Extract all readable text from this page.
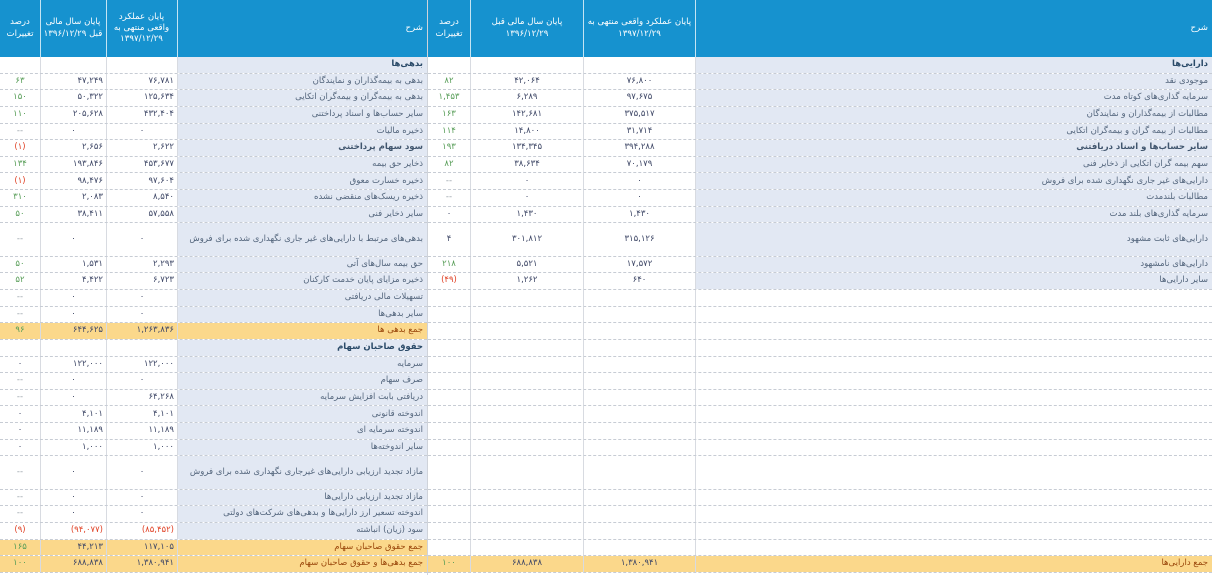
درصد تغییرات
پایان سال مالی قبل ۱۳۹۶/۱۲/۲۹
پایان عملکرد واقعی منتهی به ۱۳۹۷/۱۲/۲۹
شرح
بدهی‌ها
۶۳	۴۷,۲۴۹	۷۶,۷۸۱	بدهی به بیمه‌گذاران و نمایندگان
۱۵۰	۵۰,۳۲۲	۱۲۵,۶۳۴	بدهی به بیمه‌گران و بیمه‌گران اتکایی
۱۱۰	۲۰۵,۶۲۸	۴۳۲,۴۰۴	سایر حساب‌ها و اسناد پرداختنی
--	۰	۰	ذخیره مالیات
(۱)	۲,۶۵۶	۲,۶۲۲	سود سهام پرداختنی
۱۳۴	۱۹۳,۸۴۶	۴۵۳,۶۷۷	ذخایر حق بیمه
(۱)	۹۸,۴۷۶	۹۷,۶۰۴	ذخیره خسارت معوق
۳۱۰	۲,۰۸۳	۸,۵۴۰	ذخیره ریسک‌های منقضی نشده
۵۰	۳۸,۴۱۱	۵۷,۵۵۸	سایر ذخایر فنی
--	۰	۰	بدهی‌های مرتبط با دارایی‌های غیر جاری نگهداری شده برای فروش
۵۰	۱,۵۳۱	۲,۲۹۳	حق بیمه سال‌های آتی
۵۲	۴,۴۲۲	۶,۷۲۳	ذخیره مزایای پایان خدمت کارکنان
--	۰	۰	تسهیلات مالی دریافتی
--	۰	۰	سایر بدهی‌ها
۹۶	۶۴۴,۶۲۵	۱,۲۶۳,۸۳۶	جمع بدهی ها
حقوق صاحبان سهام
۰	۱۲۲,۰۰۰	۱۲۲,۰۰۰	سرمایه
--	۰	۰	صرف سهام
--	۰	۶۴,۲۶۸	دریافتی بابت افزایش سرمایه
۰	۴,۱۰۱	۴,۱۰۱	اندوخته قانونی
۰	۱۱,۱۸۹	۱۱,۱۸۹	اندوخته سرمایه ای
۰	۱,۰۰۰	۱,۰۰۰	سایر اندوخته‌ها
--	۰	۰	مازاد تجدید ارزیابی دارایی‌های غیرجاری نگهداری شده برای فروش
--	۰	۰	مازاد تجدید ارزیابی دارایی‌ها
--	۰	۰	اندوخته تسعیر ارز دارایی‌ها و بدهی‌های شرکت‌های دولتی
(۹)	(۹۴,۰۷۷)	(۸۵,۴۵۲)	سود (زیان) انباشته
۱۶۵	۴۴,۲۱۳	۱۱۷,۱۰۵	جمع حقوق صاحبان سهام
۱۰۰	۶۸۸,۸۳۸	۱,۳۸۰,۹۴۱	جمع بدهی‌ها و حقوق صاحبان سهام
درصد تغییرات
پایان سال مالی قبل ۱۳۹۶/۱۲/۲۹
پایان عملکرد واقعی منتهی به ۱۳۹۷/۱۲/۲۹
شرح
دارایی‌ها
۸۲	۴۲,۰۶۴	۷۶,۸۰۰	موجودی نقد
۱,۴۵۳	۶,۲۸۹	۹۷,۶۷۵	سرمایه گذاری‌های کوتاه مدت
۱۶۳	۱۴۲,۶۸۱	۳۷۵,۵۱۷	مطالبات از بیمه‌گذاران و نمایندگان
۱۱۴	۱۴,۸۰۰	۳۱,۷۱۴	مطالبات از بیمه گران و بیمه‌گران اتکایی
۱۹۳	۱۳۴,۳۴۵	۳۹۴,۲۸۸	سایر حساب‌ها و اسناد دریافتنی
۸۲	۳۸,۶۳۴	۷۰,۱۷۹	سهم بیمه گران اتکایی از ذخایر فنی
--	۰	۰	دارایی‌های غیر جاری نگهداری شده برای فروش
--	۰	۰	مطالبات بلندمدت
۰	۱,۴۳۰	۱,۴۳۰	سرمایه گذاری‌های بلند مدت
۴	۳۰۱,۸۱۲	۳۱۵,۱۲۶	دارایی‌های ثابت مشهود
۲۱۸	۵,۵۲۱	۱۷,۵۷۲	دارایی‌های نامشهود
(۴۹)	۱,۲۶۲	۶۴۰	سایر دارایی‌ها
۱۰۰	۶۸۸,۸۳۸	۱,۳۸۰,۹۴۱	جمع دارایی‌ها
